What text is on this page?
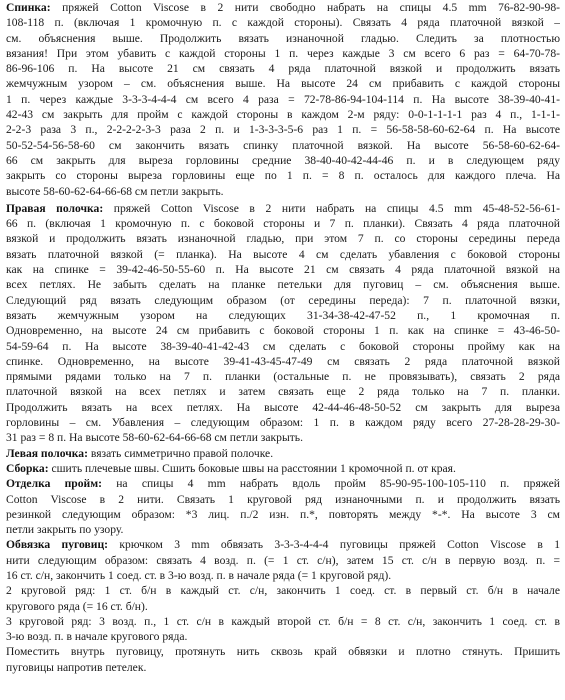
Спинка: пряжей Cotton Viscose в 2 нити свободно набрать на спицы 4.5 mm 76-82-90-98-
108-118 п. (включая 1 кромочную п. с каждой стороны). Связать 4 ряда платочной вязкой –
см. объяснения выше. Продолжить вязать изнаночной гладью. Следить за плотностью
вязания! При этом убавить с каждой стороны 1 п. через каждые 3 см всего 6 раз = 64-70-78-
86-96-106 п. На высоте 21 см связать 4 ряда платочной вязкой и продолжить вязать
жемчужным узором – см. объяснения выше. На высоте 24 см прибавить с каждой стороны
1 п. через каждые 3-3-3-4-4-4 см всего 4 раза = 72-78-86-94-104-114 п. На высоте 38-39-40-41-
42-43 см закрыть для пройм с каждой стороны в каждом 2-м ряду: 0-0-1-1-1-1 раз 4 п., 1-1-1-
2-2-3 раза 3 п., 2-2-2-2-3-3 раза 2 п. и 1-3-3-3-5-6 раз 1 п. = 56-58-58-60-62-64 п. На высоте
50-52-54-56-58-60 см закончить вязать спинку платочной вязкой. На высоте 56-58-60-62-64-
66 см закрыть для выреза горловины средние 38-40-40-42-44-46 п. и в следующем ряду
закрыть со стороны выреза горловины еще по 1 п. = 8 п. осталось для каждого плеча. На
высоте 58-60-62-64-66-68 см петли закрыть.
Правая полочка: пряжей Cotton Viscose в 2 нити набрать на спицы 4.5 mm 45-48-52-56-61-
66 п. (включая 1 кромочную п. с боковой стороны и 7 п. планки). Связать 4 ряда платочной
вязкой и продолжить вязать изнаночной гладью, при этом 7 п. со стороны середины переда
вязать платочной вязкой (= планка). На высоте 4 см сделать убавления с боковой стороны
как на спинке = 39-42-46-50-55-60 п. На высоте 21 см связать 4 ряда платочной вязкой на
всех петлях. Не забыть сделать на планке петельки для пуговиц – см. объяснения выше.
Следующий ряд вязать следующим образом (от середины переда): 7 п. платочной вязки,
вязать жемчужным узором на следующих 31-34-38-42-47-52 п., 1 кромочная п.
Одновременно, на высоте 24 см прибавить с боковой стороны 1 п. как на спинке = 43-46-50-
54-59-64 п. На высоте 38-39-40-41-42-43 см сделать с боковой стороны пройму как на
спинке. Одновременно, на высоте 39-41-43-45-47-49 см связать 2 ряда платочной вязкой
прямыми рядами только на 7 п. планки (остальные п. не провязывать), связать 2 ряда
платочной вязкой на всех петлях и затем связать еще 2 ряда только на 7 п. планки.
Продолжить вязать на всех петлях. На высоте 42-44-46-48-50-52 см закрыть для выреза
горловины – см. Убавления – следующим образом: 1 п. в каждом ряду всего 27-28-28-29-30-
31 раз = 8 п. На высоте 58-60-62-64-66-68 см петли закрыть.
Левая полочка: вязать симметрично правой полочке.
Сборка: сшить плечевые швы. Сшить боковые швы на расстоянии 1 кромочной п. от края.
Отделка пройм: на спицы 4 mm набрать вдоль пройм 85-90-95-100-105-110 п. пряжей
Cotton Viscose в 2 нити. Связать 1 круговой ряд изнаночными п. и продолжить вязать
резинкой следующим образом: *3 лиц. п./2 изн. п.*, повторять между *-*. На высоте 3 см
петли закрыть по узору.
Обвязка пуговиц: крючком 3 mm обвязать 3-3-3-4-4-4 пуговицы пряжей Cotton Viscose в 1
нити следующим образом: связать 4 возд. п. (= 1 ст. с/н), затем 15 ст. с/н в первую возд. п. =
16 ст. с/н, закончить 1 соед. ст. в 3-ю возд. п. в начале ряда (= 1 круговой ряд).
2 круговой ряд: 1 ст. б/н в каждый ст. с/н, закончить 1 соед. ст. в первый ст. б/н в начале
кругового ряда (= 16 ст. б/н).
3 круговой ряд: 3 возд. п., 1 ст. с/н в каждый второй ст. б/н = 8 ст. с/н, закончить 1 соед. ст. в
3-ю возд. п. в начале кругового ряда.
Поместить внутрь пуговицу, протянуть нить сквозь край обвязки и плотно стянуть. Пришить
пуговицы напротив петелек.
